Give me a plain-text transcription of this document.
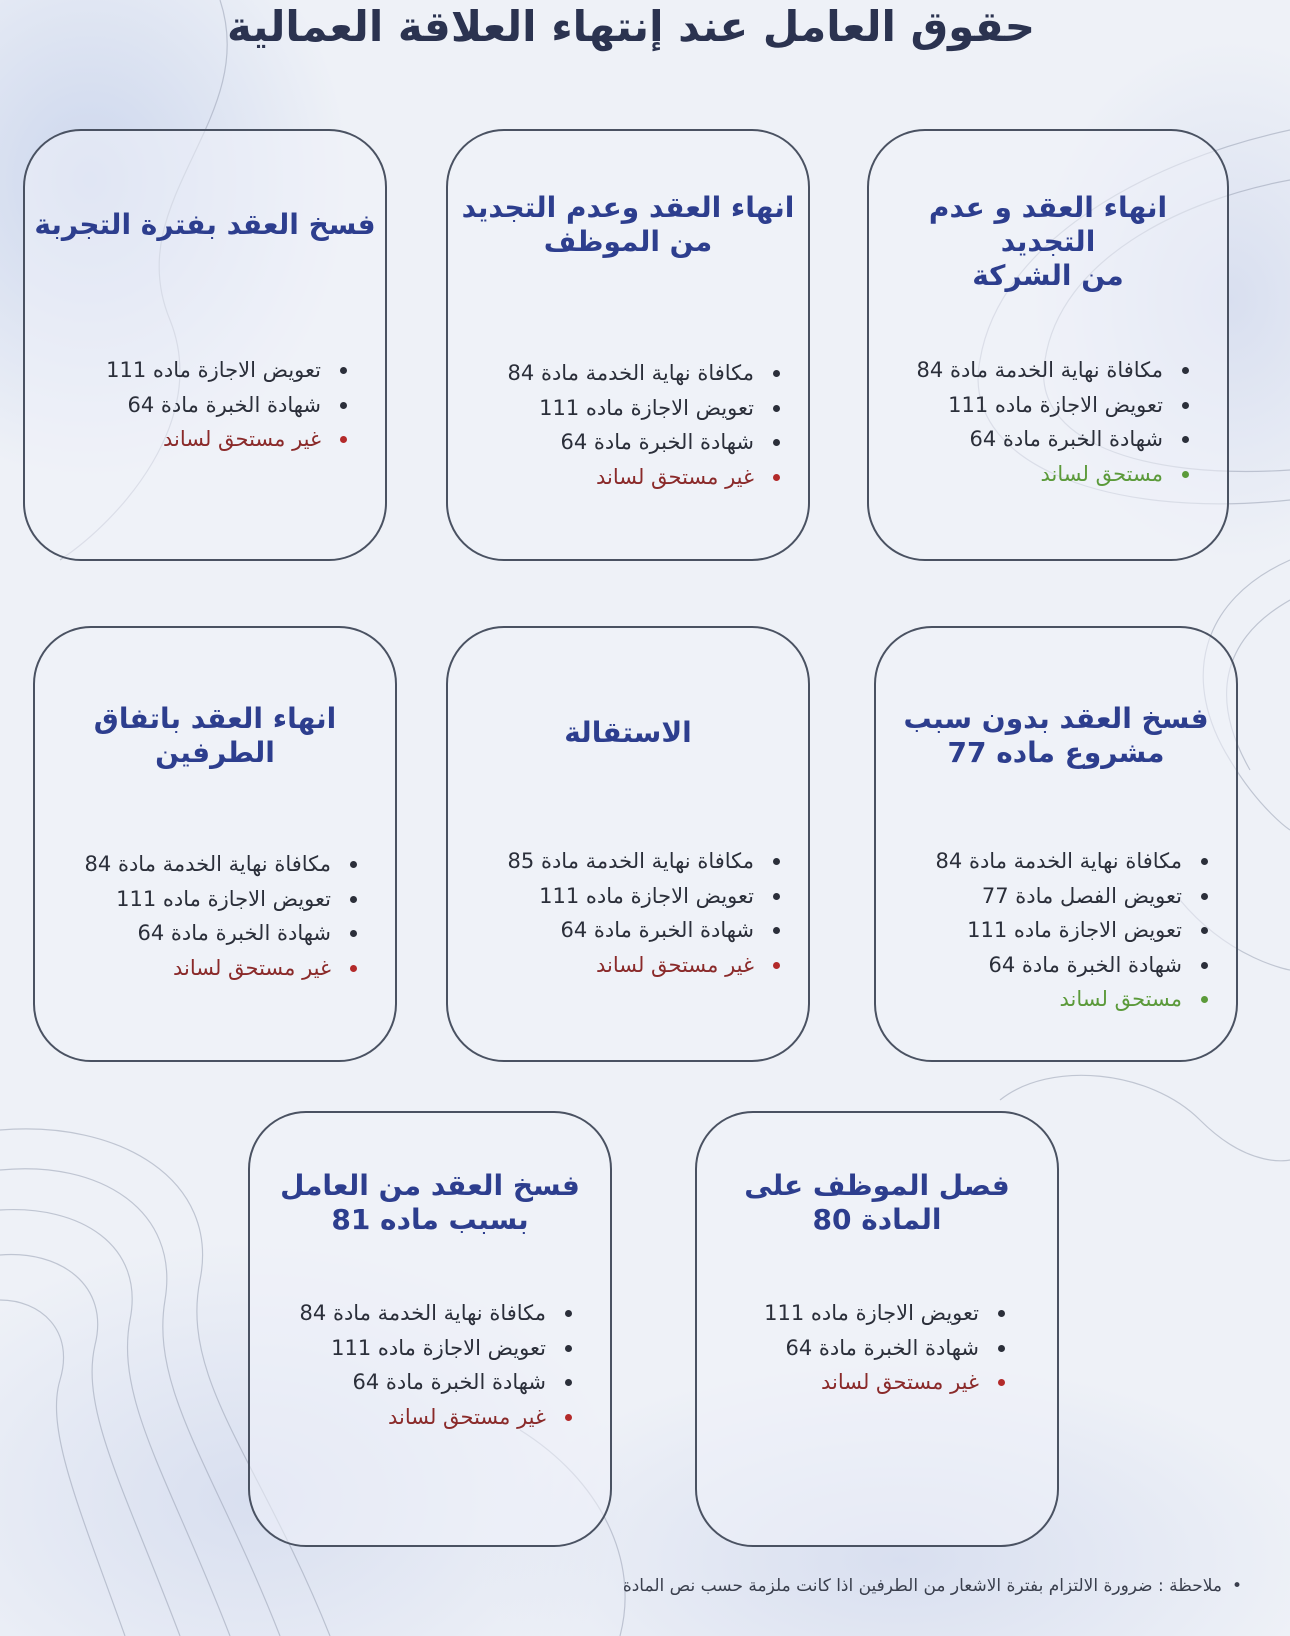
حقوق العامل عند إنتهاء العلاقة العمالية
انهاء العقد و عدم التجديد
من الشركة
مكافاة نهاية الخدمة مادة 84
تعويض الاجازة ماده 111
شهادة الخبرة مادة 64
مستحق لساند
انهاء العقد وعدم التجديد
من الموظف
مكافاة نهاية الخدمة مادة 84
تعويض الاجازة ماده 111
شهادة الخبرة مادة 64
غير مستحق لساند
فسخ العقد بفترة التجربة
تعويض الاجازة ماده 111
شهادة الخبرة مادة 64
غير مستحق لساند
فسخ العقد بدون سبب
مشروع ماده 77
مكافاة نهاية الخدمة مادة 84
تعويض الفصل مادة 77
تعويض الاجازة ماده 111
شهادة الخبرة مادة 64
مستحق لساند
الاستقالة
مكافاة نهاية الخدمة مادة 85
تعويض الاجازة ماده 111
شهادة الخبرة مادة 64
غير مستحق لساند
انهاء العقد باتفاق
الطرفين
مكافاة نهاية الخدمة مادة 84
تعويض الاجازة ماده 111
شهادة الخبرة مادة 64
غير مستحق لساند
فصل الموظف على
المادة 80
تعويض الاجازة ماده 111
شهادة الخبرة مادة 64
غير مستحق لساند
فسخ العقد من العامل
بسبب ماده 81
مكافاة نهاية الخدمة مادة 84
تعويض الاجازة ماده 111
شهادة الخبرة مادة 64
غير مستحق لساند
• ملاحظة : ضرورة الالتزام بفترة الاشعار من الطرفين اذا كانت ملزمة حسب نص المادة
